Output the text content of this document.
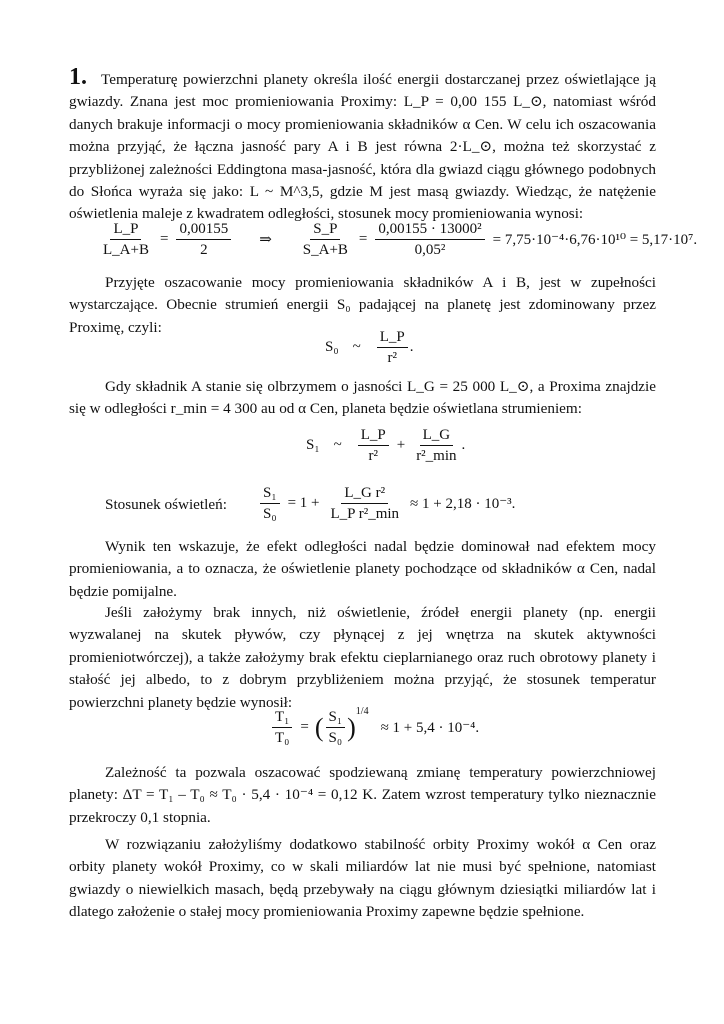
1. Temperaturę powierzchni planety określa ilość energii dostarczanej przez oświetlające ją gwiazdy. Znana jest moc promieniowania Proximy: L_P = 0,00 155 L_⊙, natomiast wśród danych brakuje informacji o mocy promieniowania składników α Cen. W celu ich oszacowania można przyjąć, że łączna jasność pary A i B jest równa 2·L_⊙, można też skorzystać z przybliżonej zależności Eddingtona masa-jasność, która dla gwiazd ciągu głównego podobnych do Słońca wyraża się jako: L ~ M^3,5, gdzie M jest masą gwiazdy. Wiedząc, że natężenie oświetlenia maleje z kwadratem odległości, stosunek mocy promieniowania wynosi:

$\frac{L\_P}{L\_A+B} = \frac{0,00155}{2}$ ⇒ $\frac{S\_P}{S\_A+B} = \frac{\text{0,00155 · 13000²}}{\text{0,05²}} = 7,75\cdot 10^{-4}\cdot 6,76\cdot 10^{10} = 5,17\cdot 10^7$.

Przyjęte oszacowanie mocy promieniowania składników A i B, jest w zupełności wystarczające. Obecnie strumień energii S₀ padającej na planetę jest zdominowany przez Proximę, czyli:

S₀ ~ $\frac{L\_P}{\text{r²}}$ .

Gdy składnik A stanie się olbrzymem o jasności L_G = 25 000 L_⊙, a Proxima znajdzie się w odległości r_min = 4 300 au od α Cen, planeta będzie oświetlana strumieniem:

S₁ ~ $\frac{L\_P}{\text{r²}} + \frac{L\_G}{\text{r²\_min}}$ .
Stosunek oświetleń: $\frac{\text{S₁}}{\text{S₀}} = 1 + \frac{\text{L\_G r²}}{\text{L\_P r²\_min}} \approx 1 + 2,18 \cdot 10^{-3}$.

Wynik ten wskazuje, że efekt odległości nadal będzie dominował nad efektem mocy promieniowania, a to oznacza, że oświetlenie planety pochodzące od składników α Cen, nadal będzie pomijalne.

Jeśli założymy brak innych, niż oświetlenie, źródeł energii planety (np. energii wyzwalanej na skutek pływów, czy płynącej z jej wnętrza na skutek aktywności promieniotwórczej), a także założymy brak efektu cieplarnianego oraz ruch obrotowy planety i stałość jej albedo, to z dobrym przybliżeniem można przyjąć, że stosunek temperatur powierzchni planety będzie wynosił:

$\frac{\text{T₁}}{\text{T₀}}$ = ( $\frac{\text{S₁}}{\text{S₀}}$ )
$^{1/4}$
≈ 1 + 5,4 · 10⁻⁴.

Zależność ta pozwala oszacować spodziewaną zmianę temperatury powierzchniowej planety: ΔT = T₁ – T₀ ≈ T₀ · 5,4 · 10⁻⁴ = 0,12 K. Zatem wzrost temperatury tylko nieznacznie przekroczy 0,1 stopnia.

W rozwiązaniu założyliśmy dodatkowo stabilność orbity Proximy wokół α Cen oraz orbity planety wokół Proximy, co w skali miliardów lat nie musi być spełnione, natomiast gwiazdy o niewielkich masach, będą przebywały na ciągu głównym dziesiątki miliardów lat i dlatego założenie o stałej mocy promieniowania Proximy zapewne będzie spełnione.
